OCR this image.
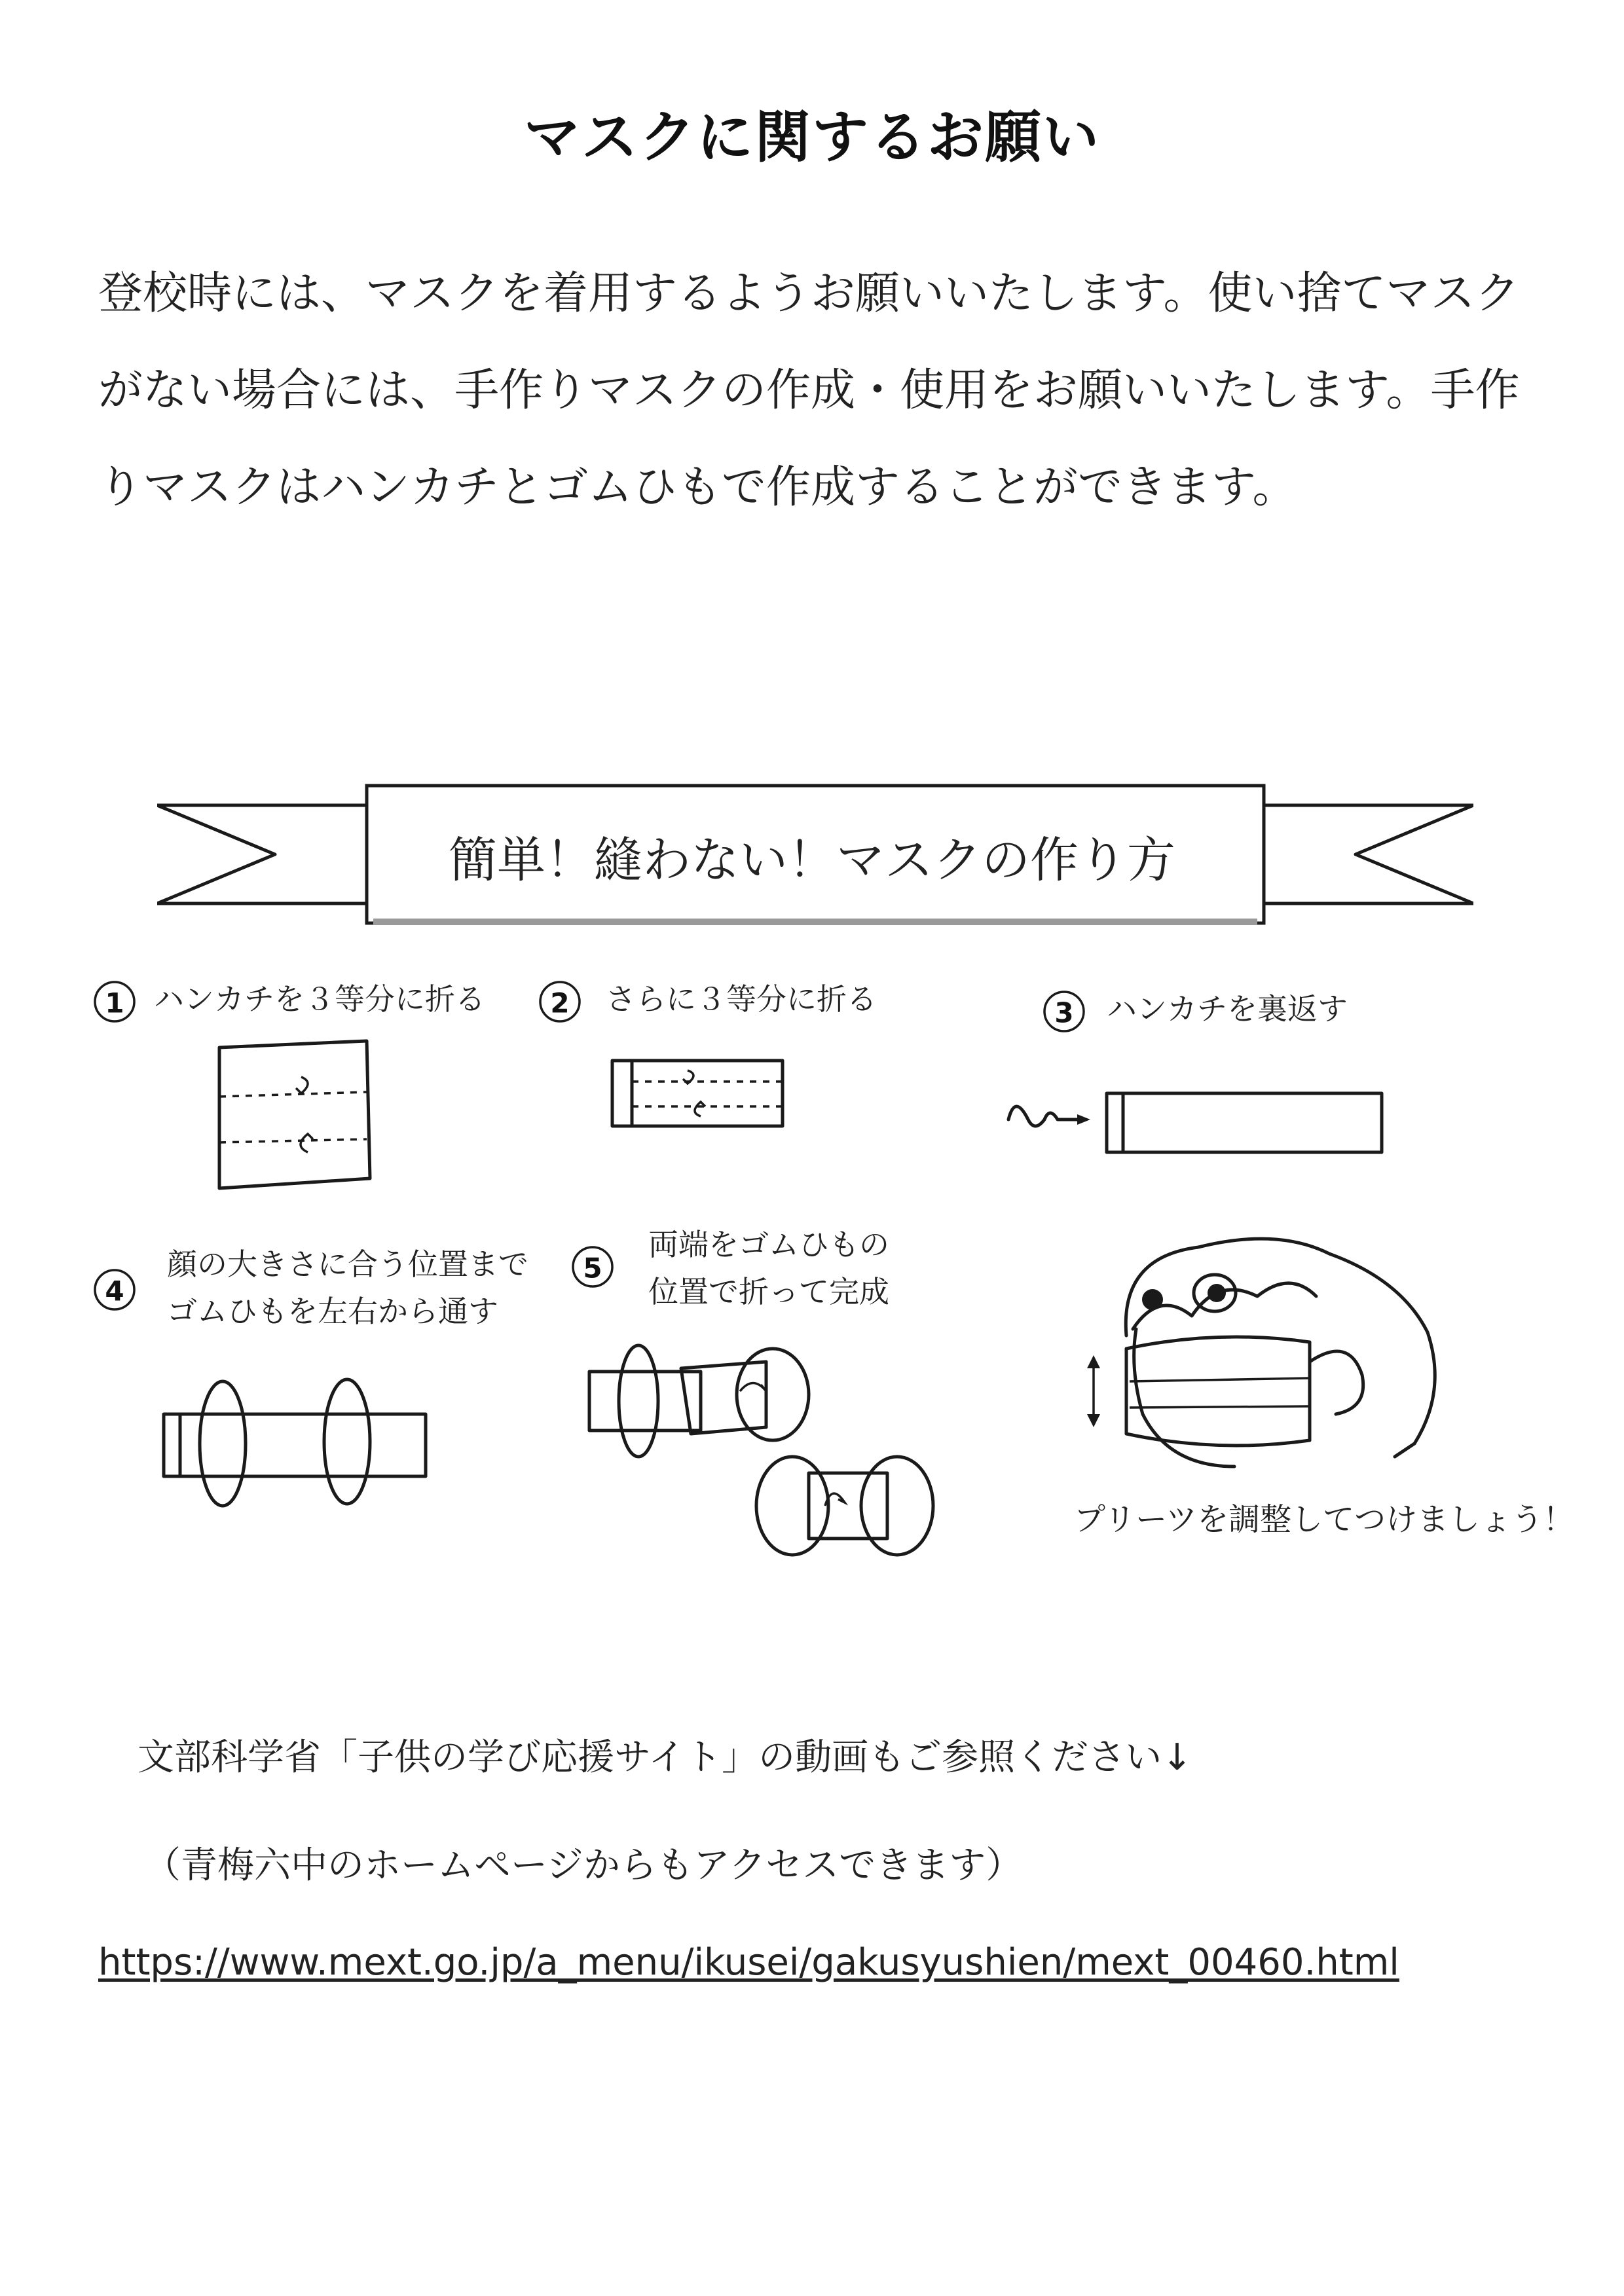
マスクに関するお願い

登校時には、マスクを着用するようお願いいたします。使い捨てマスクがない場合には、手作りマスクの作成・使用をお願いいたします。手作りマスクはハンカチとゴムひもで作成することができます。

簡単！縫わない！マスクの作り方
1 ハンカチを３等分に折る 2 さらに３等分に折る	3 ハンカチを裏返す
4
顔の大きさに合う位置まで
ゴムひもを左右から通す
5
両端をゴムひもの
位置で折って完成
プリーツを調整してつけましょう！
文部科学省「子供の学び応援サイト」の動画もご参照ください↓
（青梅六中のホームページからもアクセスできます）
https://www.mext.go.jp/a_menu/ikusei/gakusyushien/mext_00460.html
